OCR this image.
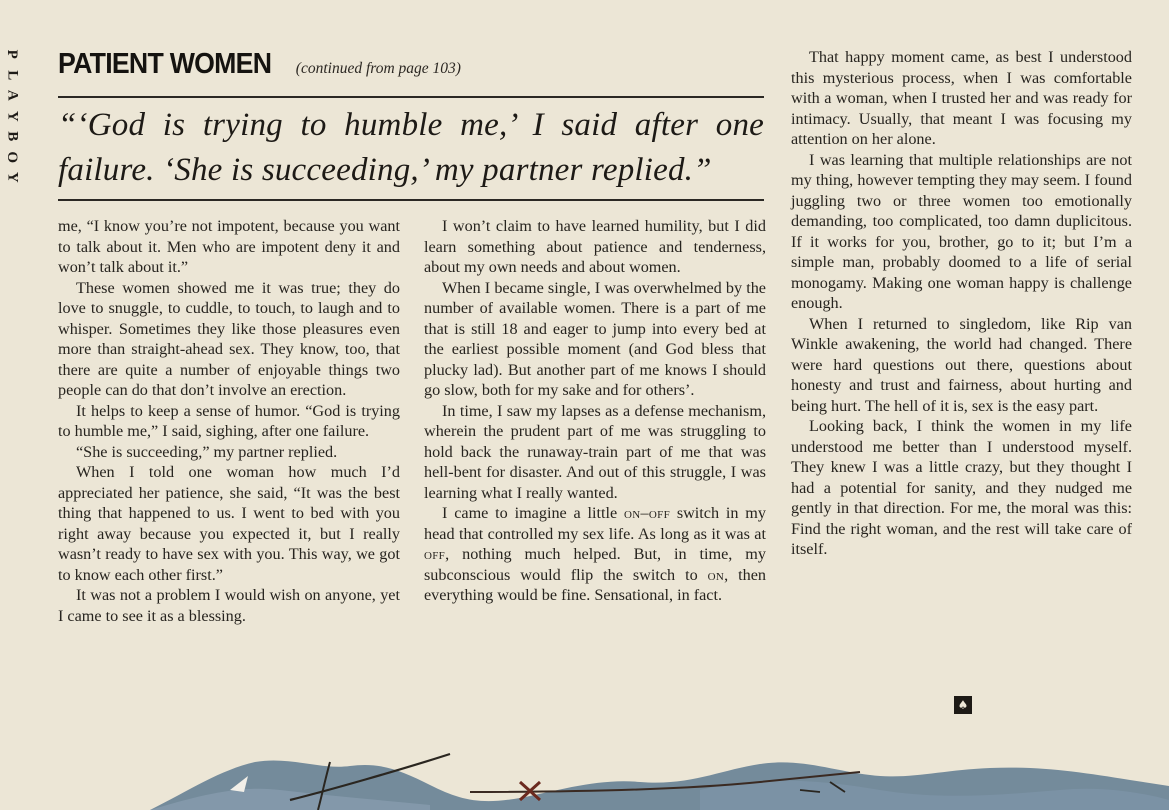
P
L
A
Y
B
O
Y
PATIENT WOMEN (continued from page 103)
“‘God is trying to humble me,’ I said after one failure. ‘She is succeeding,’ my partner replied.”

me, “I know you’re not impotent, because you want to talk about it. Men who are impotent deny it and won’t talk about it.”

These women showed me it was true; they do love to snuggle, to cuddle, to touch, to laugh and to whisper. Sometimes they like those pleasures even more than straight-ahead sex. They know, too, that there are quite a number of enjoyable things two people can do that don’t involve an erection.

It helps to keep a sense of humor. “God is trying to humble me,” I said, sighing, after one failure.

“She is succeeding,” my partner replied.

When I told one woman how much I’d appreciated her patience, she said, “It was the best thing that happened to us. I went to bed with you right away because you expected it, but I really wasn’t ready to have sex with you. This way, we got to know each other first.”

It was not a problem I would wish on anyone, yet I came to see it as a blessing.

I won’t claim to have learned humility, but I did learn something about patience and tenderness, about my own needs and about women.

When I became single, I was overwhelmed by the number of available women. There is a part of me that is still 18 and eager to jump into every bed at the earliest possible moment (and God bless that plucky lad). But another part of me knows I should go slow, both for my sake and for others’.

In time, I saw my lapses as a defense mechanism, wherein the prudent part of me was struggling to hold back the runaway-train part of me that was hell-bent for disaster. And out of this struggle, I was learning what I really wanted.

I came to imagine a little on–off switch in my head that controlled my sex life. As long as it was at off, nothing much helped. But, in time, my subconscious would flip the switch to on, then everything would be fine. Sensational, in fact.

That happy moment came, as best I understood this mysterious process, when I was comfortable with a woman, when I trusted her and was ready for intimacy. Usually, that meant I was focusing my attention on her alone.

I was learning that multiple relationships are not my thing, however tempting they may seem. I found juggling two or three women too emotionally demanding, too complicated, too damn duplicitous. If it works for you, brother, go to it; but I’m a simple man, probably doomed to a life of serial monogamy. Making one woman happy is challenge enough.

When I returned to singledom, like Rip van Winkle awakening, the world had changed. There were hard questions out there, questions about honesty and trust and fairness, about hurting and being hurt. The hell of it is, sex is the easy part.

Looking back, I think the women in my life understood me better than I understood myself. They knew I was a little crazy, but they thought I had a potential for sanity, and they nudged me gently in that direction. For me, the moral was this: Find the right woman, and the rest will take care of itself.

♠
